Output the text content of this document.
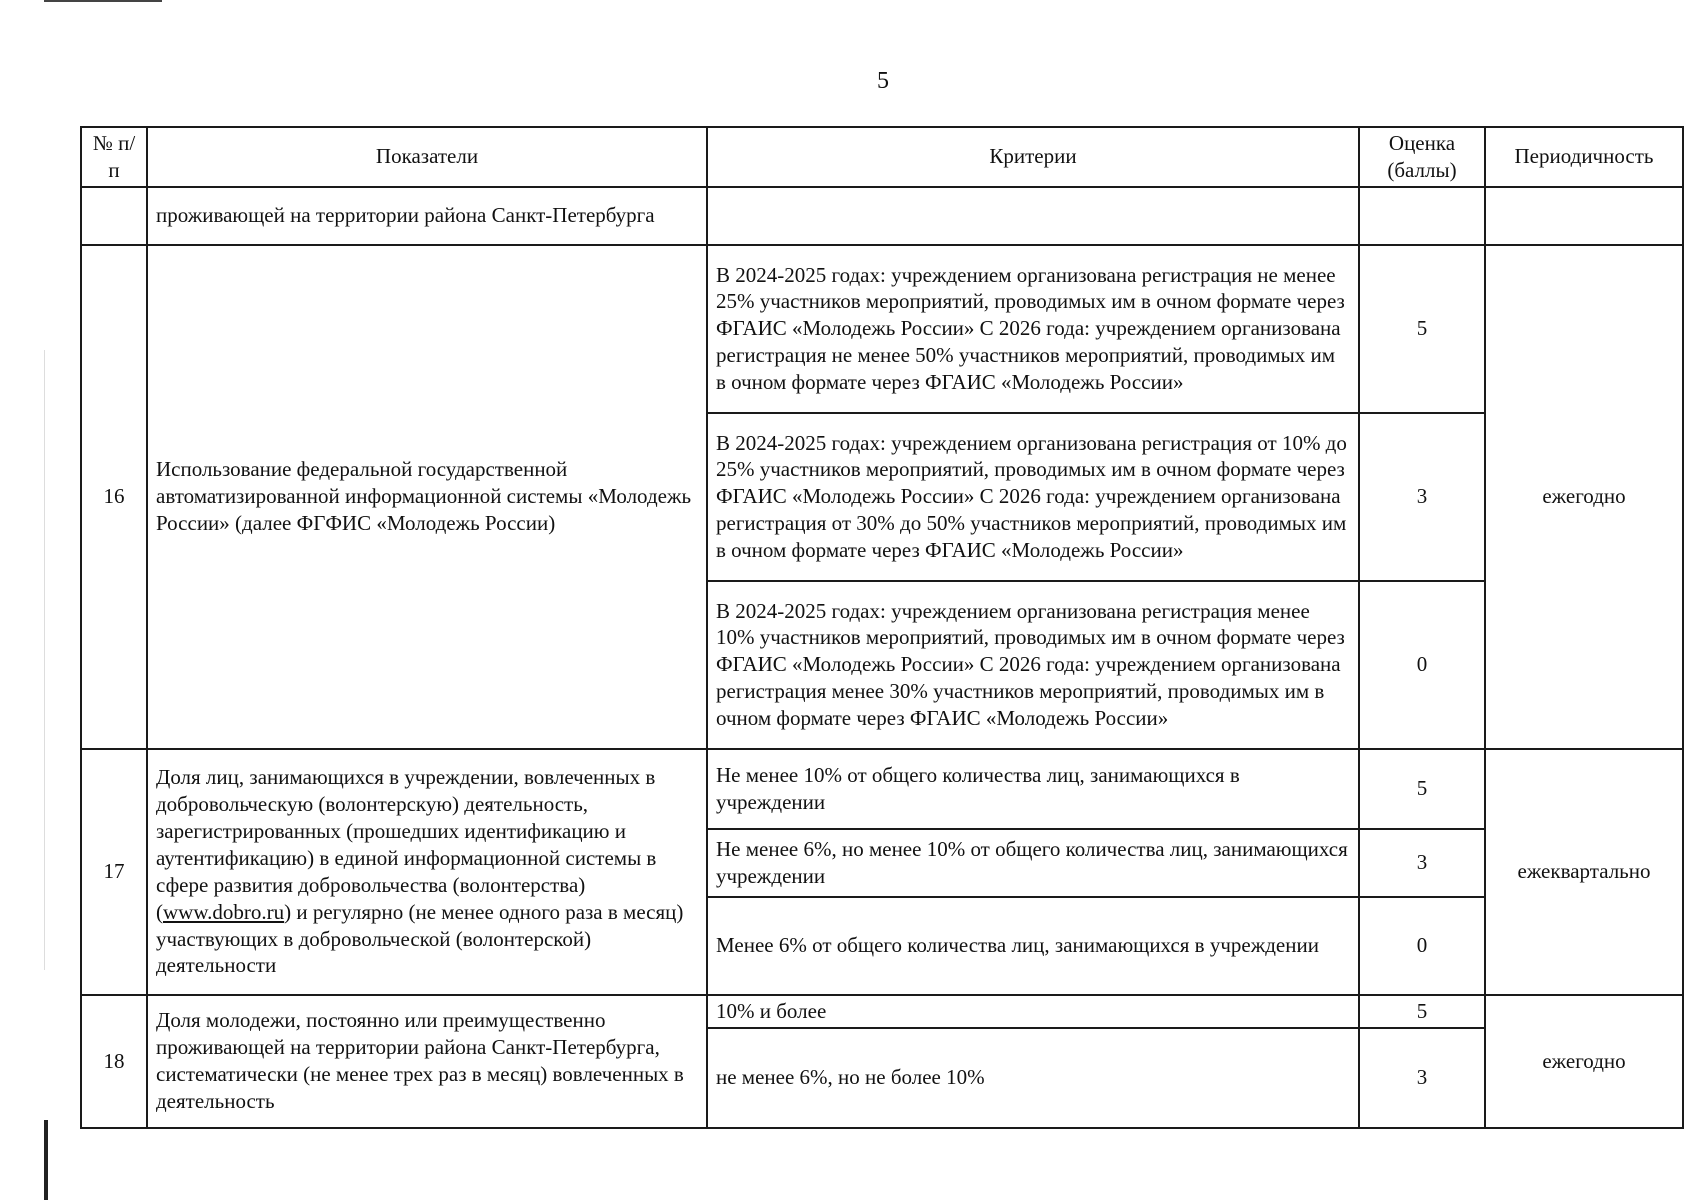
5
№ п/п	Показатели	Критерии	Оценка (баллы)	Периодичность
	проживающей на территории района Санкт-Петербурга			
16	Использование федеральной государственной автоматизированной информационной системы «Молодежь России» (далее ФГФИС «Молодежь России)	В 2024-2025 годах: учреждением организована регистрация не менее 25% участников мероприятий, проводимых им в очном формате через ФГАИС «Молодежь России» С 2026 года: учреждением организована регистрация не менее 50% участников мероприятий, проводимых им в очном формате через ФГАИС «Молодежь России»	5	ежегодно
		В 2024-2025 годах: учреждением организована регистрация от 10% до 25% участников мероприятий, проводимых им в очном формате через ФГАИС «Молодежь России» С 2026 года: учреждением организована регистрация от 30% до 50% участников мероприятий, проводимых им в очном формате через ФГАИС «Молодежь России»	3	
		В 2024-2025 годах: учреждением организована регистрация менее 10% участников мероприятий, проводимых им в очном формате через ФГАИС «Молодежь России» С 2026 года: учреждением организована регистрация менее 30% участников мероприятий, проводимых им в очном формате через ФГАИС «Молодежь России»	0	
17	Доля лиц, занимающихся в учреждении, вовлеченных в добровольческую (волонтерскую) деятельность, зарегистрированных (прошедших идентификацию и аутентификацию) в единой информационной системы в сфере развития добровольчества (волонтерства) (www.dobro.ru) и регулярно (не менее одного раза в месяц) участвующих в добровольческой (волонтерской) деятельности	Не менее 10% от общего количества лиц, занимающихся в учреждении	5	ежеквартально
		Не менее 6%, но менее 10% от общего количества лиц, занимающихся учреждении	3	
		Менее 6% от общего количества лиц, занимающихся в учреждении	0	
18	Доля молодежи, постоянно или преимущественно проживающей на территории района Санкт-Петербурга, систематически (не менее трех раз в месяц) вовлеченных в деятельность	10% и более	5	ежегодно
		не менее 6%, но не более 10%	3	
